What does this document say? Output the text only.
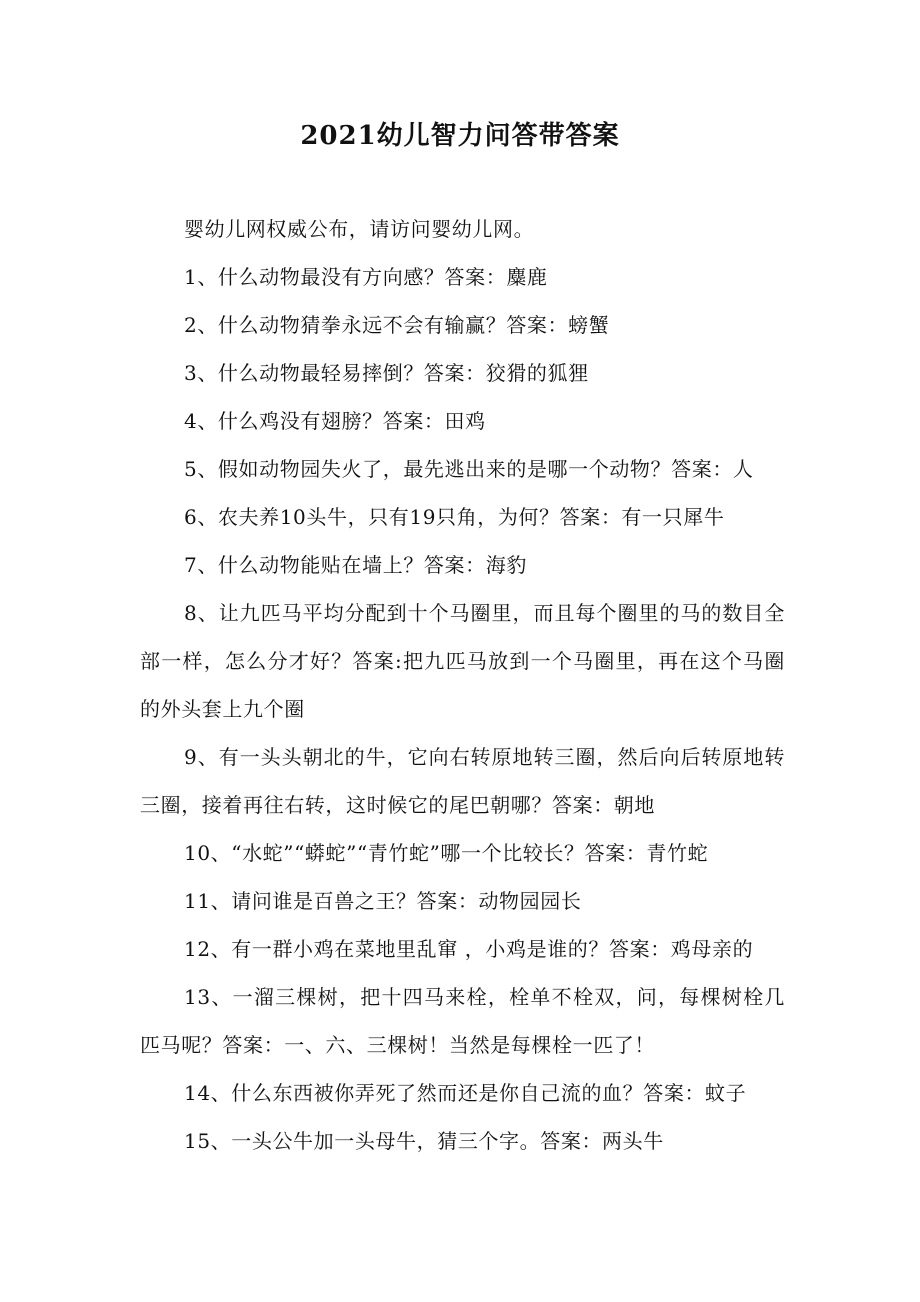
2021幼儿智力问答带答案

婴幼儿网权威公布，请访问婴幼儿网。

1、什么动物最没有方向感？答案：麋鹿

2、什么动物猜拳永远不会有输赢？答案：螃蟹

3、什么动物最轻易摔倒？答案：狡猾的狐狸

4、什么鸡没有翅膀？答案：田鸡

5、假如动物园失火了，最先逃出来的是哪一个动物？答案：人

6、农夫养10头牛，只有19只角，为何？答案：有一只犀牛

7、什么动物能贴在墙上？答案：海豹

8、让九匹马平均分配到十个马圈里，而且每个圈里的马的数目全部一样，怎么分才好？答案:把九匹马放到一个马圈里，再在这个马圈的外头套上九个圈

9、有一头头朝北的牛，它向右转原地转三圈，然后向后转原地转三圈，接着再往右转，这时候它的尾巴朝哪？答案：朝地

10、“水蛇”“蟒蛇”“青竹蛇”哪一个比较长？答案：青竹蛇

11、请问谁是百兽之王？答案：动物园园长

12、有一群小鸡在菜地里乱窜 ，小鸡是谁的？答案：鸡母亲的

13、一溜三棵树，把十四马来栓，栓单不栓双，问，每棵树栓几匹马呢？答案：一、六、三棵树！当然是每棵栓一匹了！

14、什么东西被你弄死了然而还是你自己流的血？答案：蚊子

15、一头公牛加一头母牛，猜三个字。答案：两头牛
